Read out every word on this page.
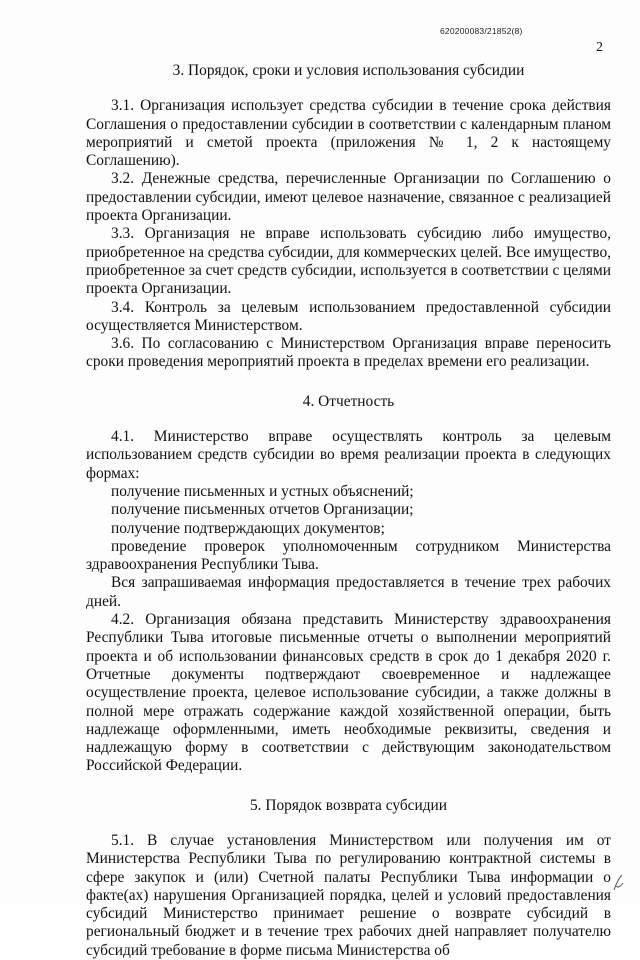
620200083/21852(8)
2

3. Порядок, сроки и условия использования субсидии

3.1. Организация использует средства субсидии в течение срока действия Соглашения о предоставлении субсидии в соответствии с календарным планом мероприятий и сметой проекта (приложения № 1, 2 к настоящему Соглашению).

3.2. Денежные средства, перечисленные Организации по Соглашению о предоставлении субсидии, имеют целевое назначение, связанное с реализацией проекта Организации.

3.3. Организация не вправе использовать субсидию либо имущество, приобретенное на средства субсидии, для коммерческих целей. Все имущество, приобретенное за счет средств субсидии, используется в соответствии с целями проекта Организации.

3.4. Контроль за целевым использованием предоставленной субсидии осуществляется Министерством.

3.6. По согласованию с Министерством Организация вправе переносить сроки проведения мероприятий проекта в пределах времени его реализации.

4. Отчетность

4.1. Министерство вправе осуществлять контроль за целевым использованием средств субсидии во время реализации проекта в следующих формах:

получение письменных и устных объяснений;

получение письменных отчетов Организации;

получение подтверждающих документов;

проведение проверок уполномоченным сотрудником Министерства здравоохранения Республики Тыва.

Вся запрашиваемая информация предоставляется в течение трех рабочих дней.

4.2. Организация обязана представить Министерству здравоохранения Республики Тыва итоговые письменные отчеты о выполнении мероприятий проекта и об использовании финансовых средств в срок до 1 декабря 2020 г. Отчетные документы подтверждают своевременное и надлежащее осуществление проекта, целевое использование субсидии, а также должны в полной мере отражать содержание каждой хозяйственной операции, быть надлежаще оформленными, иметь необходимые реквизиты, сведения и надлежащую форму в соответствии с действующим законодательством Российской Федерации.

5. Порядок возврата субсидии

5.1. В случае установления Министерством или получения им от Министерства Республики Тыва по регулированию контрактной системы в сфере закупок и (или) Счетной палаты Республики Тыва информации о факте(ах) нарушения Организацией порядка, целей и условий предоставления субсидий Министерство принимает решение о возврате субсидий в региональный бюджет и в течение трех рабочих дней направляет получателю субсидий требование в форме письма Министерства об
